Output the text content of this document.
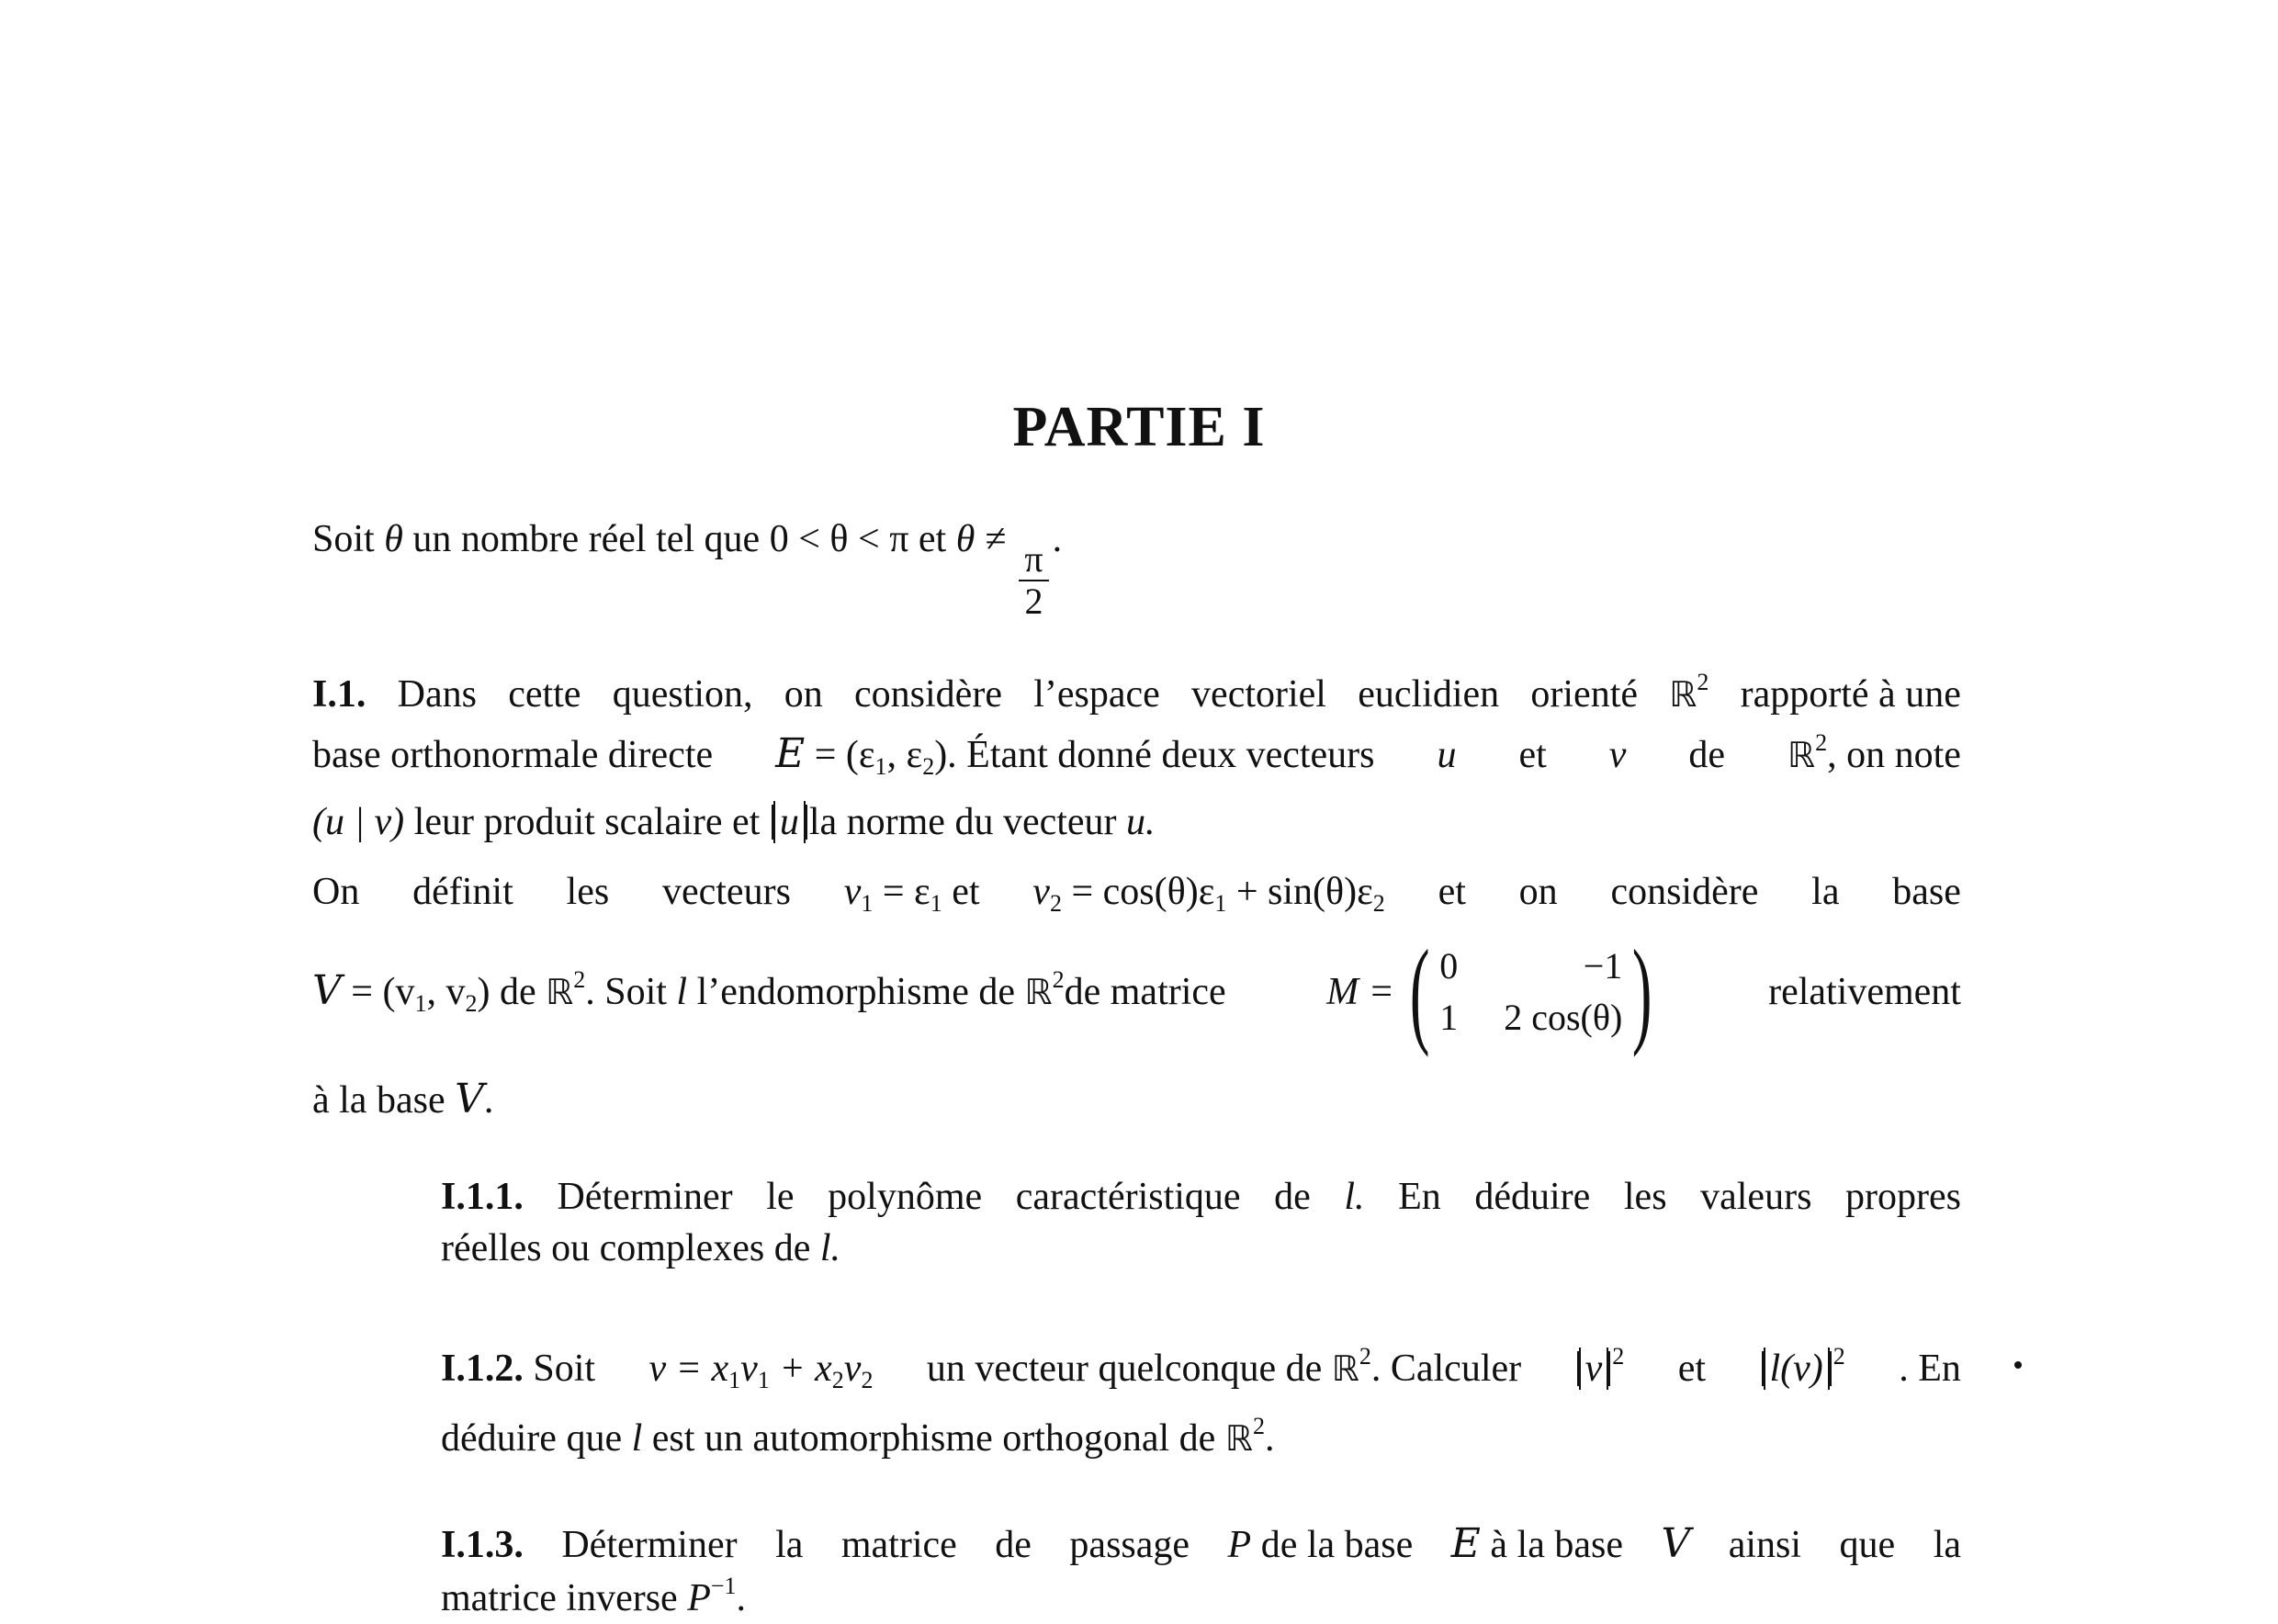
PARTIE I
Soit θ un nombre réel tel que 0 < θ < π et $\theta \ne \frac{\pi}{2}$ .
I.1. Dans cette question, on considère l’espace vectoriel euclidien orienté ℝ$^2$ rapporté à une
base orthonormale directe E = (ε1, ε2). Étant donné deux vecteurs u et v de ℝ$^2$, on note
(u | v) leur produit scalaire et u la norme du vecteur u.
On définit les vecteurs v1 = ε1 et v2 = cos(θ)ε1 + sin(θ)ε2 et on considère la base
V = (v1, v2) de ℝ$^2$. Soit l l’endomorphisme de ℝ$^2$de matrice	M = ( 0	−1
1 2 cos(θ) )	relativement
à la base V.
I.1.1. Déterminer le polynôme caractéristique de l. En déduire les valeurs propres
réelles ou complexes de l.
I.1.2. Soit v = x1v1 + x2v2 un vecteur quelconque de ℝ$^2$. Calculer v $^2$ et l(v) $^2$ . En
déduire que l est un automorphisme orthogonal de ℝ$^2$.
I.1.3. Déterminer la matrice de passage P de la base E à la base V ainsi que la
matrice inverse $P^{-1}$.
